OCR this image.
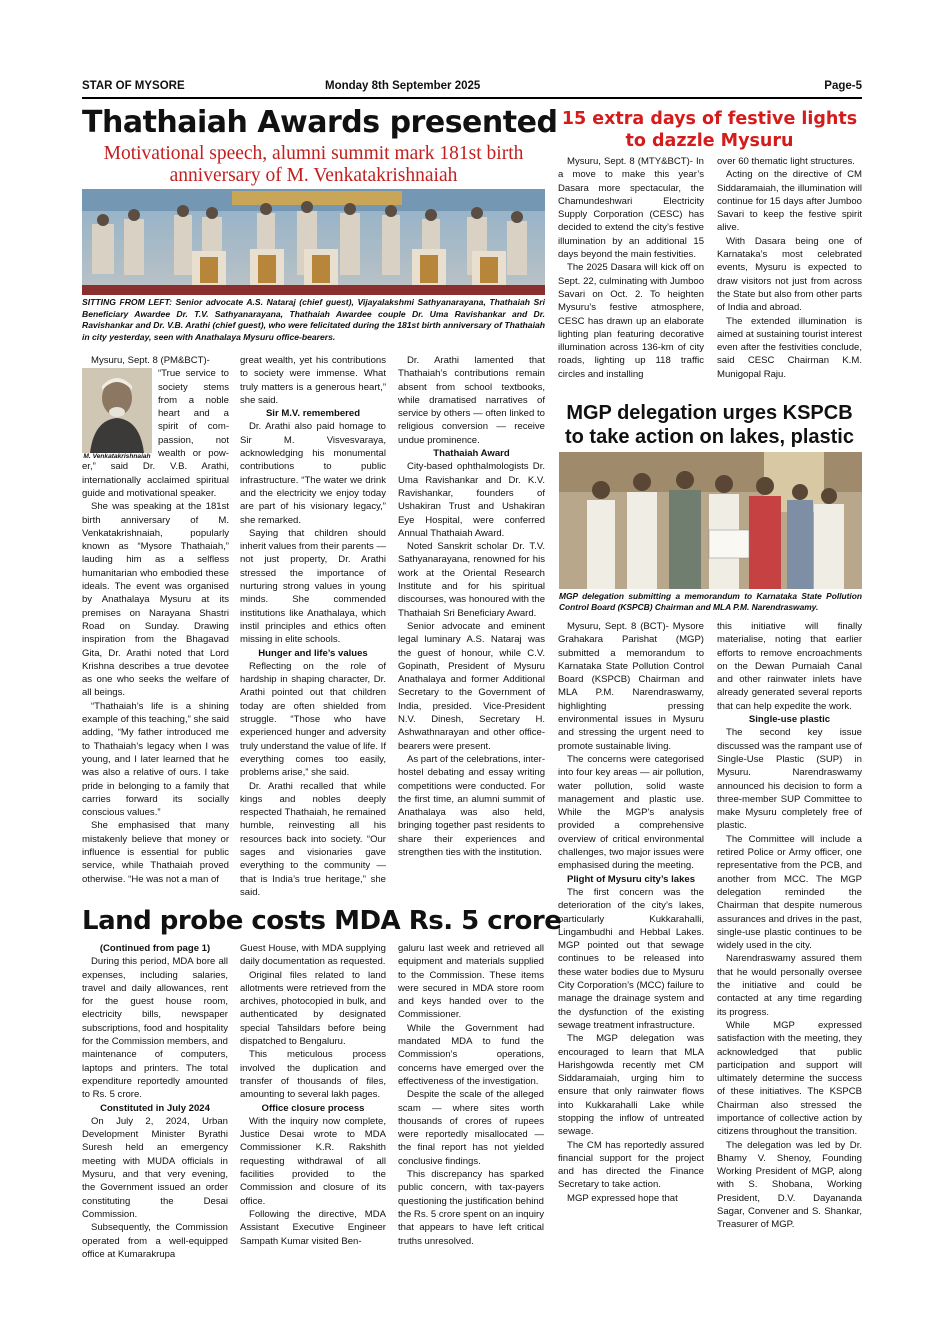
STAR OF MYSORE	Monday 8th September 2025	Page-5
Thathaiah Awards presented
Motivational speech, alumni summit mark 181st birth anniversary of M. Venkatakrishnaiah
SITTING FROM LEFT: Senior advocate A.S. Nataraj (chief guest), Vijayalakshmi Sathyanarayana, Thathaiah Sri Beneficiary Awardee Dr. T.V. Sathyanarayana, Thathaiah Awardee couple Dr. Uma Ravishankar and Dr. Ravishankar and Dr. V.B. Arathi (chief guest), who were felicitated during the 181st birth anniversary of Thathaiah in city yesterday, seen with Anathalaya Mysuru office-bearers.
M. Venkatakrishnaiah
Mysuru, Sept. 8 (PM&BCT)-
“True service to
society stems
from a noble
heart and a
spirit of com-
passion, not
wealth or pow-

er,” said Dr. V.B. Arathi, internationally acclaimed spiritual guide and motivational speaker.

She was speaking at the 181st birth anniversary of M. Venkatakrishnaiah, popularly known as “Mysore Thathaiah,” lauding him as a selfless humanitarian who embodied these ideals. The event was organised by Anathalaya Mysuru at its premises on Narayana Shastri Road on Sunday. Drawing inspiration from the Bhagavad Gita, Dr. Arathi noted that Lord Krishna describes a true devotee as one who seeks the welfare of all beings.

“Thathaiah’s life is a shining example of this teaching,” she said adding, “My father introduced me to Thathaiah’s legacy when I was young, and I later learned that he was also a relative of ours. I take pride in belonging to a family that carries forward its socially conscious values.”

She emphasised that many mistakenly believe that money or influence is essential for public service, while Thathaiah proved otherwise. “He was not a man of

great wealth, yet his contributions to society were immense. What truly matters is a generous heart,” she said.

Sir M.V. remembered

Dr. Arathi also paid homage to Sir M. Visvesvaraya, acknowledging his monumental contributions to public infrastructure. “The water we drink and the electricity we enjoy today are part of his visionary legacy,” she remarked.

Saying that children should inherit values from their parents — not just property, Dr. Arathi stressed the importance of nurturing strong values in young minds. She commended institutions like Anathalaya, which instil principles and ethics often missing in elite schools.

Hunger and life’s values

Reflecting on the role of hardship in shaping character, Dr. Arathi pointed out that children today are often shielded from struggle. “Those who have experienced hunger and adversity truly understand the value of life. If everything comes too easily, problems arise,” she said.

Dr. Arathi recalled that while kings and nobles deeply respected Thathaiah, he remained humble, reinvesting all his resources back into society. “Our sages and visionaries gave everything to the community — that is India’s true heritage,” she said.

Dr. Arathi lamented that Thathaiah’s contributions remain absent from school textbooks, while dramatised narratives of service by others — often linked to religious conversion — receive undue prominence.

Thathaiah Award

City-based ophthalmologists Dr. Uma Ravishankar and Dr. K.V. Ravishankar, founders of Ushakiran Trust and Ushakiran Eye Hospital, were conferred Annual Thathaiah Award.

Noted Sanskrit scholar Dr. T.V. Sathyanarayana, renowned for his work at the Oriental Research Institute and for his spiritual discourses, was honoured with the Thathaiah Sri Beneficiary Award.

Senior advocate and eminent legal luminary A.S. Nataraj was the guest of honour, while C.V. Gopinath, President of Mysuru Anathalaya and former Additional Secretary to the Government of India, presided. Vice-President N.V. Dinesh, Secretary H. Ashwathnarayan and other office-bearers were present.

As part of the celebrations, inter-hostel debating and essay writing competitions were conducted. For the first time, an alumni summit of Anathalaya was also held, bringing together past residents to share their experiences and strengthen ties with the institution.

15 extra days of festive lights to dazzle Mysuru

Mysuru, Sept. 8 (MTY&BCT)- In a move to make this year’s Dasara more spectacular, the Chamundeshwari Electricity Supply Corporation (CESC) has decided to extend the city’s festive illumination by an additional 15 days beyond the main festivities.

The 2025 Dasara will kick off on Sept. 22, culminating with Jumboo Savari on Oct. 2. To heighten Mysuru’s festive atmosphere, CESC has drawn up an elaborate lighting plan featuring decorative illumination across 136-km of city roads, lighting up 118 traffic circles and installing

over 60 thematic light structures.

Acting on the directive of CM Siddaramaiah, the illumination will continue for 15 days after Jumboo Savari to keep the festive spirit alive.

With Dasara being one of Karnataka’s most celebrated events, Mysuru is expected to draw visitors not just from across the State but also from other parts of India and abroad.

The extended illumination is aimed at sustaining tourist interest even after the festivities conclude, said CESC Chairman K.M. Munigopal Raju.

MGP delegation urges KSPCB to take action on lakes, plastic
MGP delegation submitting a memorandum to Karnataka State Pollution Control Board (KSPCB) Chairman and MLA P.M. Narendraswamy.

Mysuru, Sept. 8 (BCT)- Mysore Grahakara Parishat (MGP) submitted a memorandum to Karnataka State Pollution Control Board (KSPCB) Chairman and MLA P.M. Narendraswamy, highlighting pressing environmental issues in Mysuru and stressing the urgent need to promote sustainable living.

The concerns were categorised into four key areas — air pollution, water pollution, solid waste management and plastic use. While the MGP’s analysis provided a comprehensive overview of critical environmental challenges, two major issues were emphasised during the meeting.

Plight of Mysuru city’s lakes

The first concern was the deterioration of the city’s lakes, particularly Kukkarahalli, Lingambudhi and Hebbal Lakes. MGP pointed out that sewage continues to be released into these water bodies due to Mysuru City Corporation’s (MCC) failure to manage the drainage system and the dysfunction of the existing sewage treatment infrastructure.

The MGP delegation was encouraged to learn that MLA Harishgowda recently met CM Siddaramaiah, urging him to ensure that only rainwater flows into Kukkarahalli Lake while stopping the inflow of untreated sewage.

The CM has reportedly assured financial support for the project and has directed the Finance Secretary to take action.

MGP expressed hope that

this initiative will finally materialise, noting that earlier efforts to remove encroachments on the Dewan Purnaiah Canal and other rainwater inlets have already generated several reports that can help expedite the work.

Single-use plastic

The second key issue discussed was the rampant use of Single-Use Plastic (SUP) in Mysuru. Narendraswamy announced his decision to form a three-member SUP Committee to make Mysuru completely free of plastic.

The Committee will include a retired Police or Army officer, one representative from the PCB, and another from MCC. The MGP delegation reminded the Chairman that despite numerous assurances and drives in the past, single-use plastic continues to be widely used in the city.

Narendraswamy assured them that he would personally oversee the initiative and could be contacted at any time regarding its progress.

While MGP expressed satisfaction with the meeting, they acknowledged that public participation and support will ultimately determine the success of these initiatives. The KSPCB Chairman also stressed the importance of collective action by citizens throughout the transition.

The delegation was led by Dr. Bhamy V. Shenoy, Founding Working President of MGP, along with S. Shobana, Working President, D.V. Dayananda Sagar, Convener and S. Shankar, Treasurer of MGP.

Land probe costs MDA Rs. 5 crore
(Continued from page 1)

During this period, MDA bore all expenses, including salaries, travel and daily allowances, rent for the guest house room, electricity bills, newspaper subscriptions, food and hospitality for the Commission members, and maintenance of computers, laptops and printers. The total expenditure reportedly amounted to Rs. 5 crore.

Constituted in July 2024

On July 2, 2024, Urban Development Minister Byrathi Suresh held an emergency meeting with MUDA officials in Mysuru, and that very evening, the Government issued an order constituting the Desai Commission.

Subsequently, the Commission operated from a well-equipped office at Kumarakrupa

Guest House, with MDA supplying daily documentation as requested.

Original files related to land allotments were retrieved from the archives, photocopied in bulk, and authenticated by designated special Tahsildars before being dispatched to Bengaluru.

This meticulous process involved the duplication and transfer of thousands of files, amounting to several lakh pages.

Office closure process

With the inquiry now complete, Justice Desai wrote to MDA Commissioner K.R. Rakshith requesting withdrawal of all facilities provided to the Commission and closure of its office.

Following the directive, MDA Assistant Executive Engineer Sampath Kumar visited Ben-

galuru last week and retrieved all equipment and materials supplied to the Commission. These items were secured in MDA store room and keys handed over to the Commissioner.

While the Government had mandated MDA to fund the Commission’s operations, concerns have emerged over the effectiveness of the investigation.

Despite the scale of the alleged scam — where sites worth thousands of crores of rupees were reportedly misallocated — the final report has not yielded conclusive findings.

This discrepancy has sparked public concern, with tax-payers questioning the justification behind the Rs. 5 crore spent on an inquiry that appears to have left critical truths unresolved.
